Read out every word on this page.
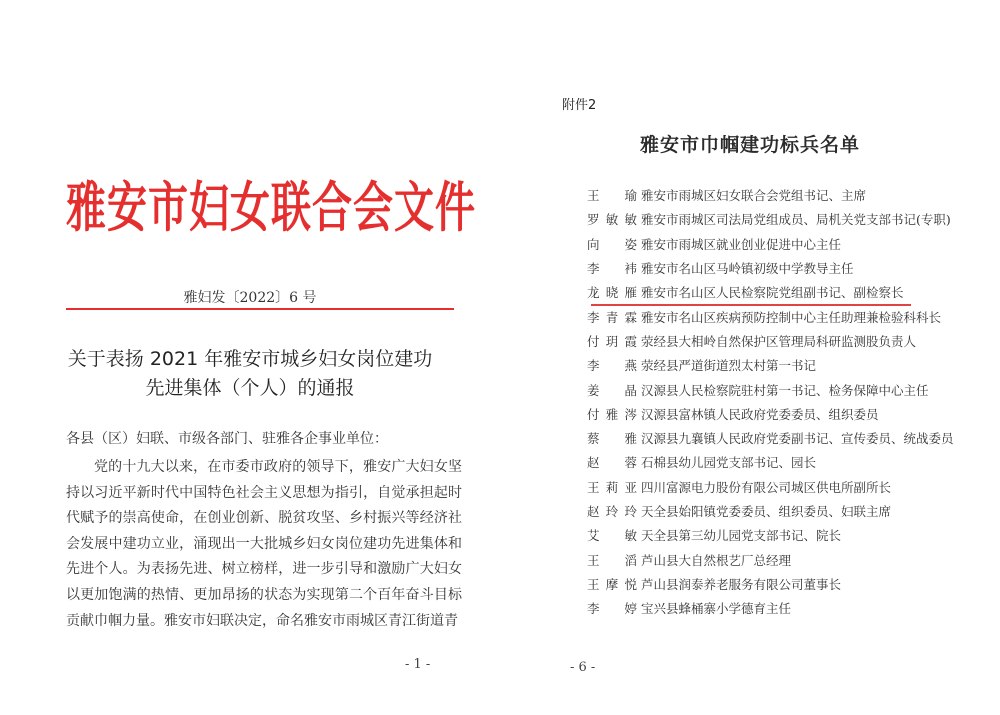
雅安市妇女联合会文件
雅妇发〔2022〕6 号
关于表扬 2021 年雅安市城乡妇女岗位建功
先进集体（个人）的通报
各县（区）妇联、市级各部门、驻雅各企事业单位：
党的十九大以来，在市委市政府的领导下，雅安广大妇女坚持以习近平新时代中国特色社会主义思想为指引，自觉承担起时代赋予的崇高使命，在创业创新、脱贫攻坚、乡村振兴等经济社会发展中建功立业，涌现出一大批城乡妇女岗位建功先进集体和先进个人。为表扬先进、树立榜样，进一步引导和激励广大妇女以更加饱满的热情、更加昂扬的状态为实现第二个百年奋斗目标贡献巾帼力量。雅安市妇联决定，命名雅安市雨城区青江街道青
- 1 -
附件2
雅安市巾帼建功标兵名单
王 瑜 雅安市雨城区妇女联合会党组书记、主席
罗敏敏 雅安市雨城区司法局党组成员、局机关党支部书记(专职)
向 姿 雅安市雨城区就业创业促进中心主任
李 袆 雅安市名山区马岭镇初级中学教导主任
龙晓雁 雅安市名山区人民检察院党组副书记、副检察长
李青霖 雅安市名山区疾病预防控制中心主任助理兼检验科科长
付玥霞 荥经县大相岭自然保护区管理局科研监测股负责人
李 燕 荥经县严道街道烈太村第一书记
姜 晶 汉源县人民检察院驻村第一书记、检务保障中心主任
付雅涔 汉源县富林镇人民政府党委委员、组织委员
蔡 雅 汉源县九襄镇人民政府党委副书记、宣传委员、统战委员
赵 蓉 石棉县幼儿园党支部书记、园长
王莉亚 四川富源电力股份有限公司城区供电所副所长
赵玲玲 天全县始阳镇党委委员、组织委员、妇联主席
艾 敏 天全县第三幼儿园党支部书记、院长
王 滔 芦山县大自然根艺厂总经理
王摩悦 芦山县润泰养老服务有限公司董事长
李 婷 宝兴县蜂桶寨小学德育主任
- 6 -
